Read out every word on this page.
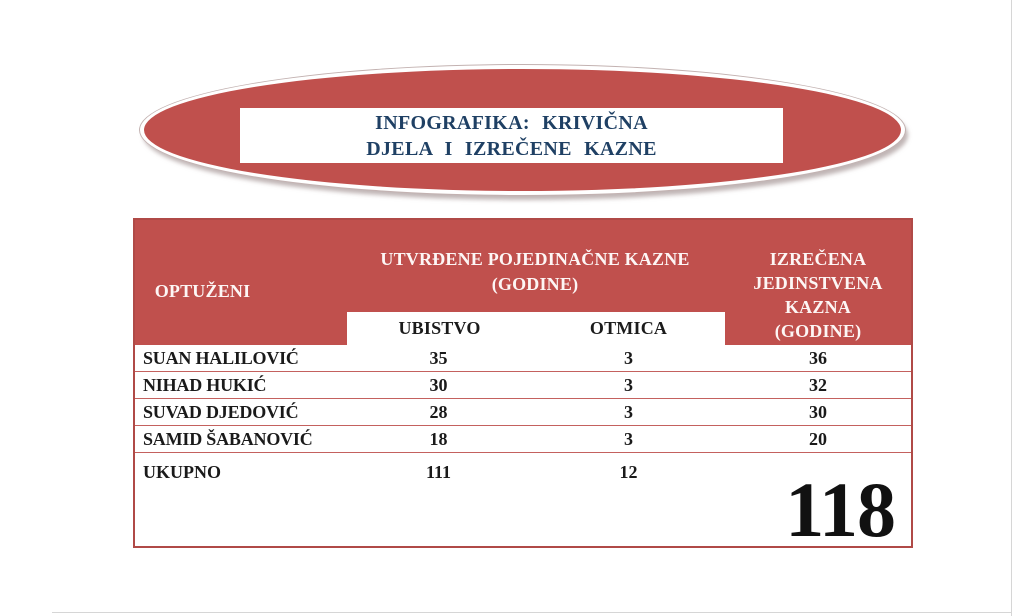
INFOGRAFIKA: KRIVIČNA
DJELA I IZREČENE KAZNE
OPTUŽENI
UTVRĐENE POJEDINAČNE KAZNE
(GODINE)
IZREČENA
JEDINSTVENA
KAZNA
(GODINE)
UBISTVO	OTMICA
SUAN HALILOVIĆ	35	3	36
NIHAD HUKIĆ	30	3	32
SUVAD DJEDOVIĆ	28	3	30
SAMID ŠABANOVIĆ	18	3	20
UKUPNO	111	12	118
